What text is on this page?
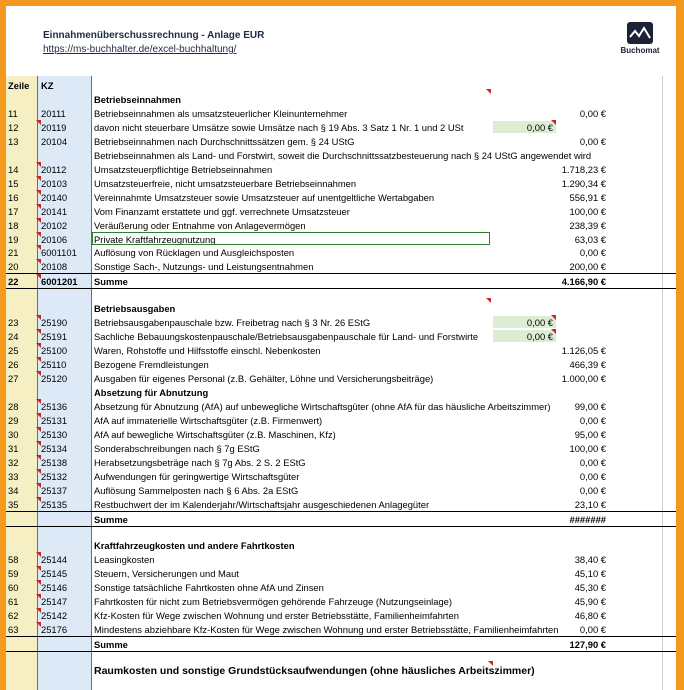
Einnahmenüberschussrechnung - Anlage EUR
https://ms-buchhalter.de/excel-buchhaltung/	Buchomat
Zeile	KZ
Betriebseinnahmen
11	20111	Betriebseinnahmen als umsatzsteuerlicher Kleinunternehmer	0,00 €
12	20119	davon nicht steuerbare Umsätze sowie Umsätze nach § 19 Abs. 3 Satz 1 Nr. 1 und 2 USt	0,00 €
13	20104	Betriebseinnahmen nach Durchschnittssätzen gem. § 24 UStG	0,00 €
Betriebseinnahmen als Land- und Forstwirt, soweit die Durchschnittssatzbesteuerung nach § 24 UStG angewendet wird
14	20112	Umsatzsteuerpflichtige Betriebseinnahmen	1.718,23 €
15	20103	Umsatzsteuerfreie, nicht umsatzsteuerbare Betriebseinnahmen	1.290,34 €
16	20140	Vereinnahmte Umsatzsteuer sowie Umsatzsteuer auf unentgeltliche Wertabgaben	556,91 €
17	20141	Vom Finanzamt erstattete und ggf. verrechnete Umsatzsteuer	100,00 €
18	20102	Veräußerung oder Entnahme von Anlagevermögen	238,39 €
19	20106	Private Kraftfahrzeugnutzung	63,03 €
21	6001101	Auflösung von Rücklagen und Ausgleichsposten	0,00 €
20	20108	Sonstige Sach-, Nutzungs- und Leistungsentnahmen	200,00 €
22	6001201	Summe	4.166,90 €
Betriebsausgaben
23	25190	Betriebsausgabenpauschale bzw. Freibetrag nach § 3 Nr. 26 EStG	0,00 €
24	25191	Sachliche Bebauungskostenpauschale/Betriebsausgabenpauschale für Land- und Forstwirte	0,00 €
25	25100	Waren, Rohstoffe und Hilfsstoffe einschl. Nebenkosten	1.126,05 €
26	25110	Bezogene Fremdleistungen	466,39 €
27	25120	Ausgaben für eigenes Personal (z.B. Gehälter, Löhne und Versicherungsbeiträge)	1.000,00 €
Absetzung für Abnutzung
28	25136	Absetzung für Abnutzung (AfA) auf unbewegliche Wirtschaftsgüter (ohne AfA für das häusliche Arbeitszimmer)	99,00 €
29	25131	AfA auf immaterielle Wirtschaftsgüter (z.B. Firmenwert)	0,00 €
30	25130	AfA auf bewegliche Wirtschaftsgüter (z.B. Maschinen, Kfz)	95,00 €
31	25134	Sonderabschreibungen nach § 7g EStG	100,00 €
32	25138	Herabsetzungsbeträge nach § 7g Abs. 2 S. 2 EStG	0,00 €
33	25132	Aufwendungen für geringwertige Wirtschaftsgüter	0,00 €
34	25137	Auflösung Sammelposten nach § 6 Abs. 2a EStG	0,00 €
35	25135	Restbuchwert der im Kalenderjahr/Wirtschaftsjahr ausgeschiedenen Anlagegüter	23,10 €
Summe	#######
Kraftfahrzeugkosten und andere Fahrtkosten
58	25144	Leasingkosten	38,40 €
59	25145	Steuern, Versicherungen und Maut	45,10 €
60	25146	Sonstige tatsächliche Fahrtkosten ohne AfA und Zinsen	45,30 €
61	25147	Fahrtkosten für nicht zum Betriebsvermögen gehörende Fahrzeuge (Nutzungseinlage)	45,90 €
62	25142	Kfz-Kosten für Wege zwischen Wohnung und erster Betriebsstätte, Familienheimfahrten	46,80 €
63	25176	Mindestens abziehbare Kfz-Kosten für Wege zwischen Wohnung und erster Betriebsstätte, Familienheimfahrten	0,00 €
Summe	127,90 €
Raumkosten und sonstige Grundstücksaufwendungen (ohne häusliches Arbeitszimmer)
